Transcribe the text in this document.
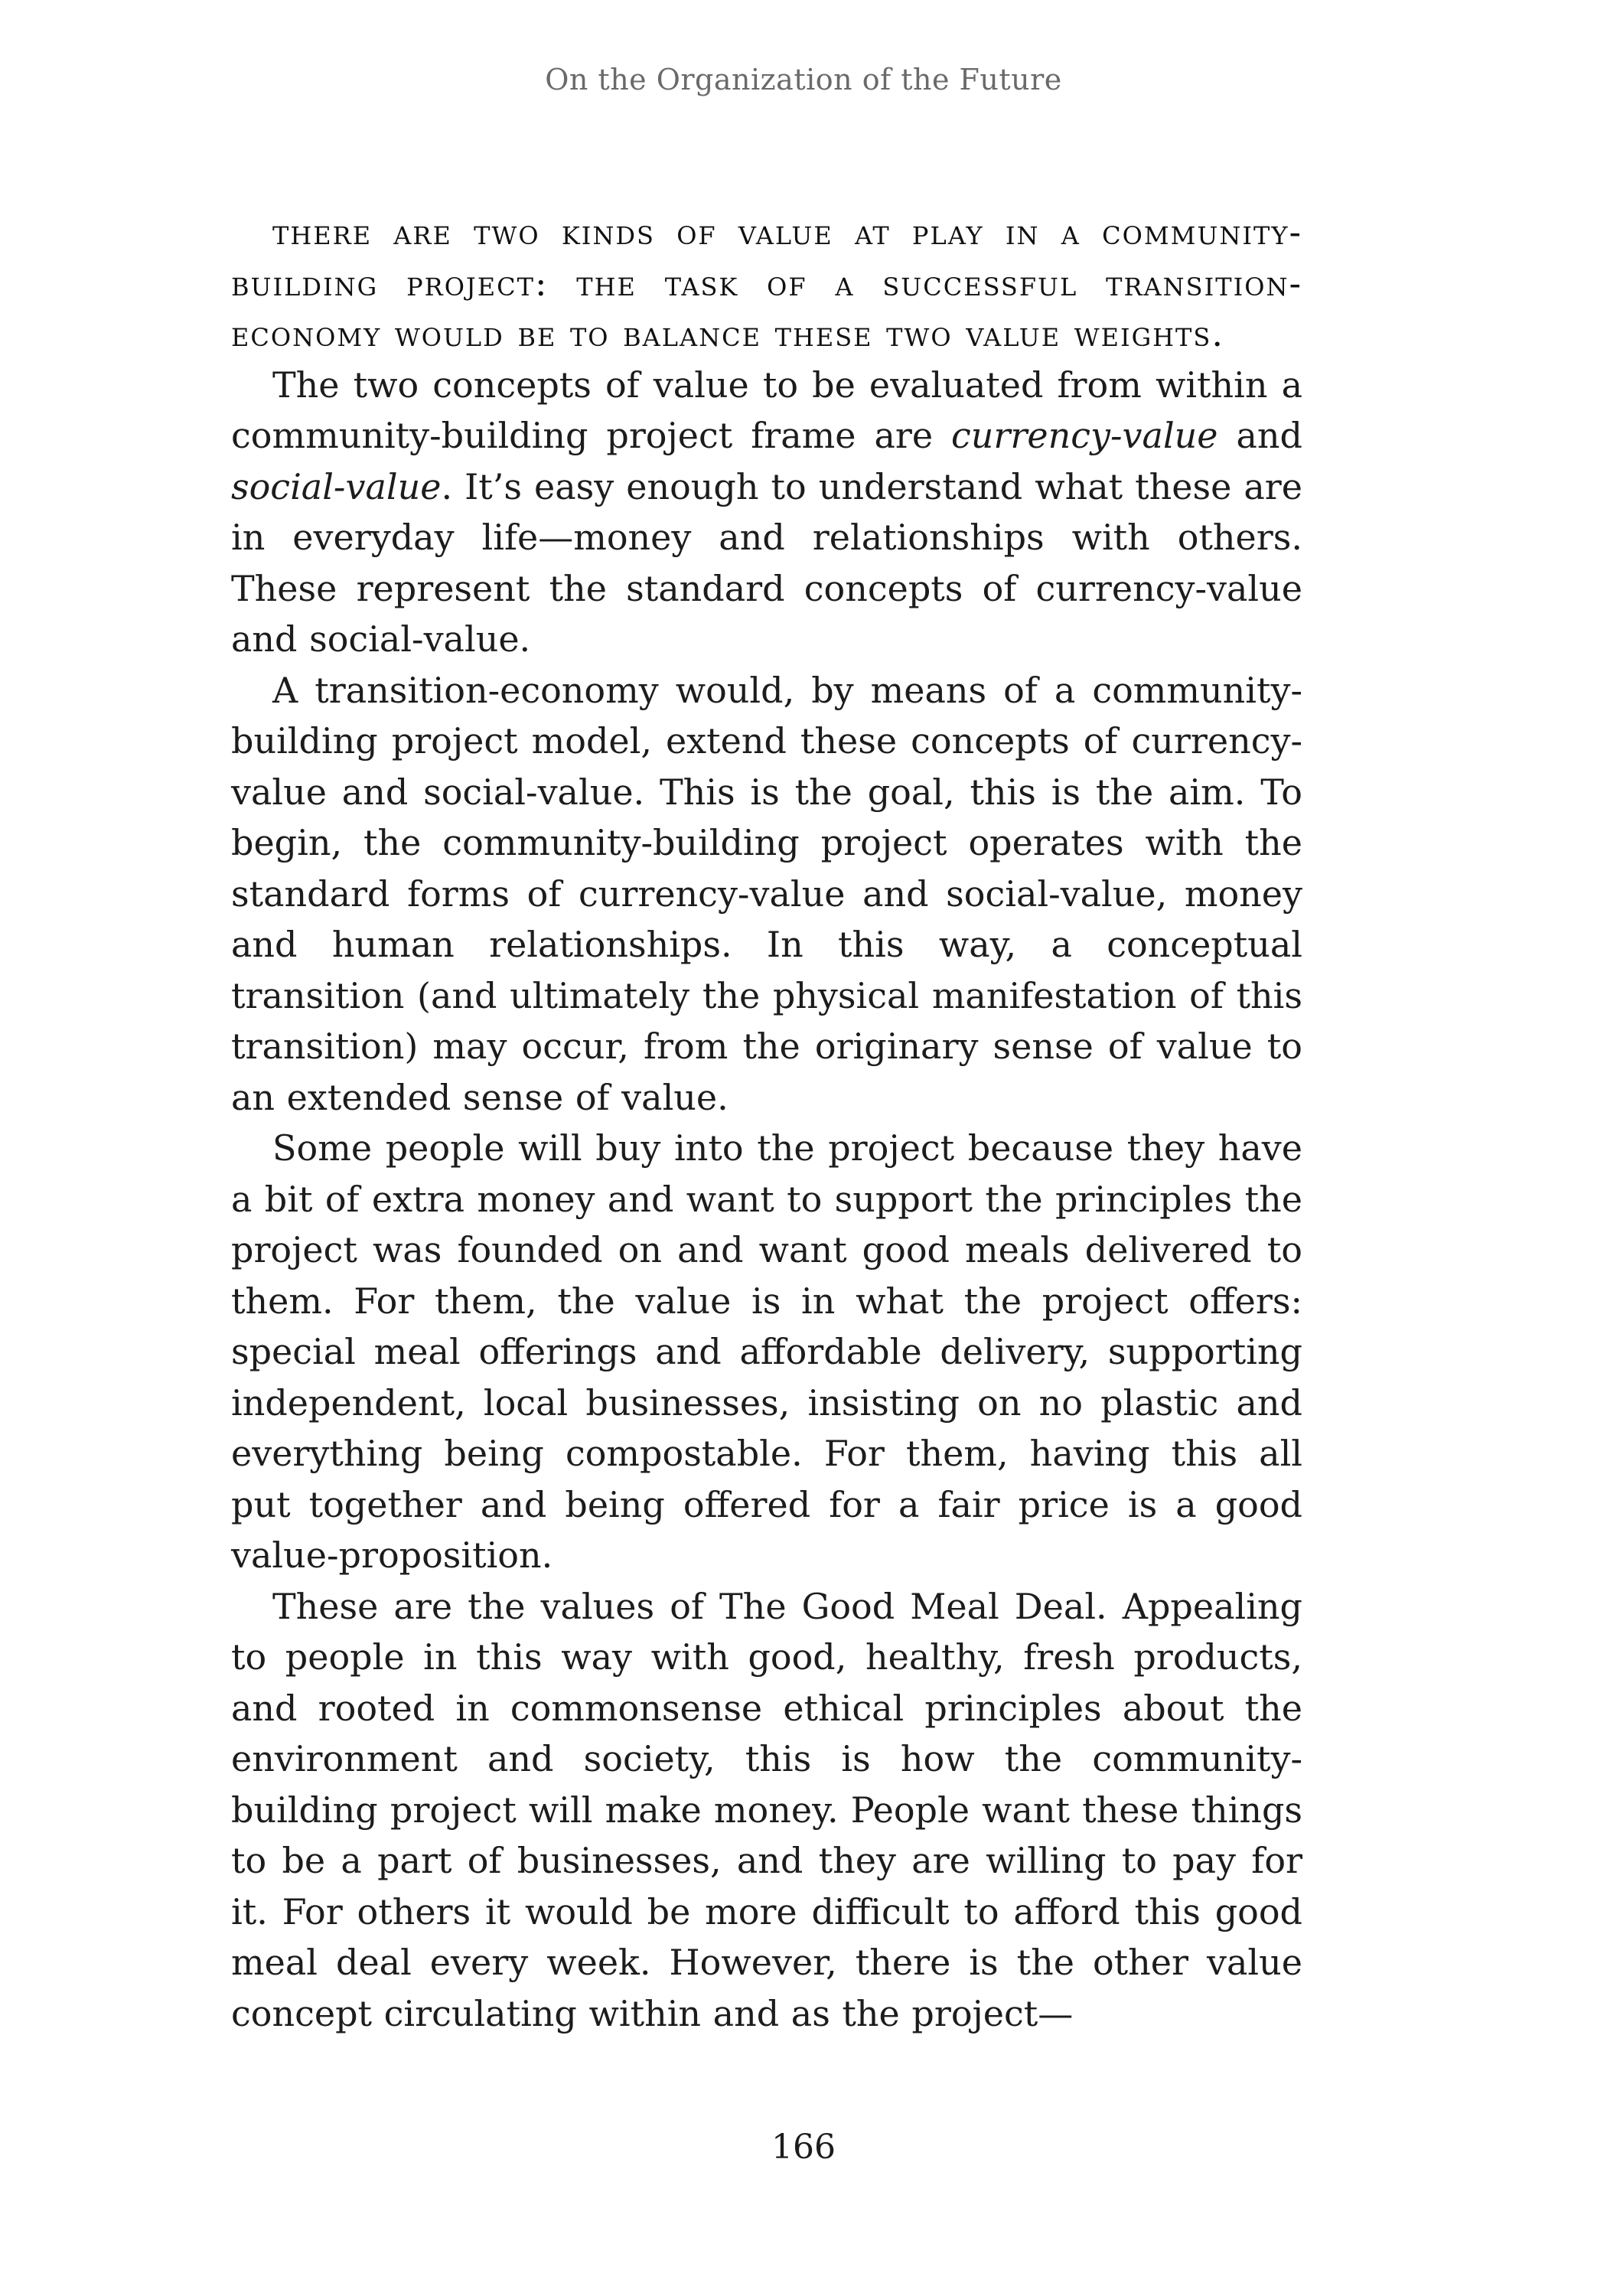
On the Organization of the Future

there are two kinds of value at play in a community-building project: the task of a successful transition-economy would be to balance these two value weights.

The two concepts of value to be evaluated from within a community-building project frame are currency-value and social-value. It’s easy enough to understand what these are in everyday life—money and relationships with others. These represent the standard concepts of currency-value and social-value.

A transition-economy would, by means of a community-building project model, extend these concepts of currency-value and social-value. This is the goal, this is the aim. To begin, the community-building project operates with the standard forms of currency-value and social-value, money and human relationships. In this way, a conceptual transition (and ultimately the physical manifestation of this transition) may occur, from the originary sense of value to an extended sense of value.

Some people will buy into the project because they have a bit of extra money and want to support the principles the project was founded on and want good meals delivered to them. For them, the value is in what the project offers: special meal offerings and affordable delivery, supporting independent, local businesses, insisting on no plastic and everything being compostable. For them, having this all put together and being offered for a fair price is a good value-proposition.

These are the values of The Good Meal Deal. Appealing to people in this way with good, healthy, fresh products, and rooted in commonsense ethical principles about the environment and society, this is how the community-building project will make money. People want these things to be a part of businesses, and they are willing to pay for it. For others it would be more difficult to afford this good meal deal every week. However, there is the other value concept circulating within and as the project—

166
